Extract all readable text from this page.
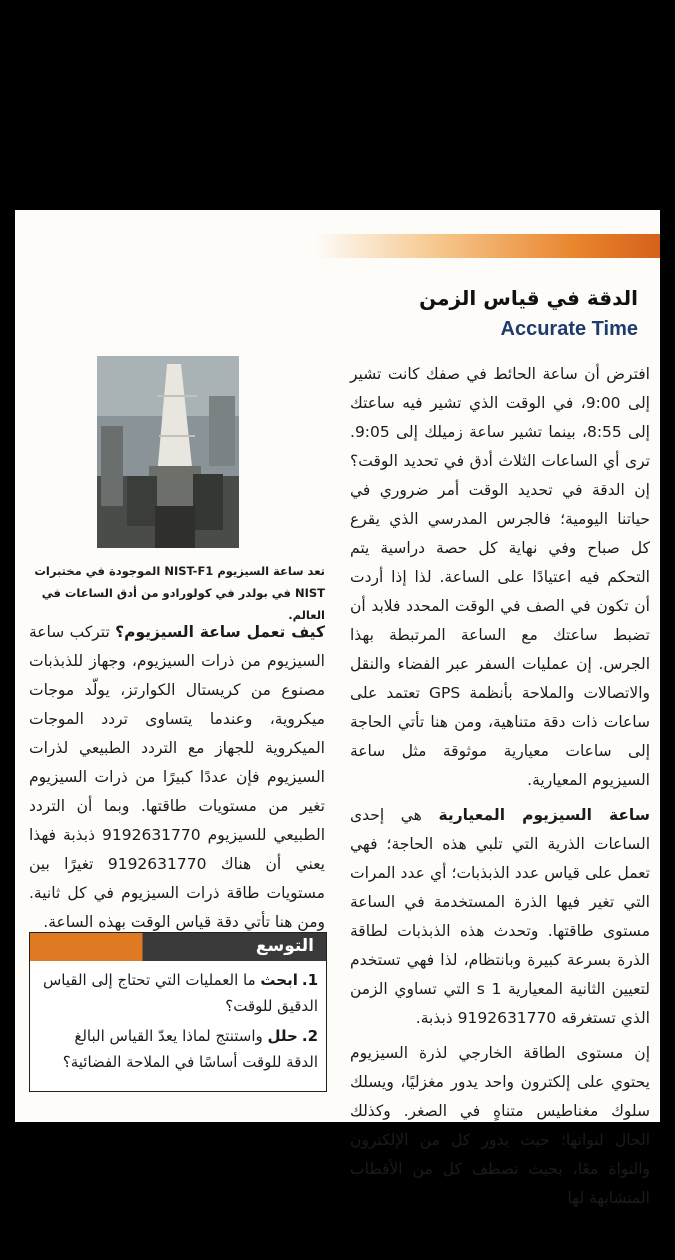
الدقة في قياس الزمن
Accurate Time

افترض أن ساعة الحائط في صفك كانت تشير إلى 9:00، في الوقت الذي تشير فيه ساعتك إلى 8:55، بينما تشير ساعة زميلك إلى 9:05. ترى أي الساعات الثلاث أدق في تحديد الوقت؟ إن الدقة في تحديد الوقت أمر ضروري في حياتنا اليومية؛ فالجرس المدرسي الذي يقرع كل صباح وفي نهاية كل حصة دراسية يتم التحكم فيه اعتيادًا على الساعة. لذا إذا أردت أن تكون في الصف في الوقت المحدد فلابد أن تضبط ساعتك مع الساعة المرتبطة بهذا الجرس. إن عمليات السفر عبر الفضاء والنقل والاتصالات والملاحة بأنظمة GPS تعتمد على ساعات ذات دقة متناهية، ومن هنا تأتي الحاجة إلى ساعات معيارية موثوقة مثل ساعة السيزيوم المعيارية.

ساعة السيزيوم المعيارية هي إحدى الساعات الذرية التي تلبي هذه الحاجة؛ فهي تعمل على قياس عدد الذبذبات؛ أي عدد المرات التي تغير فيها الذرة المستخدمة في الساعة مستوى طاقتها. وتحدث هذه الذبذبات لطاقة الذرة بسرعة كبيرة وبانتظام، لذا فهي تستخدم لتعيين الثانية المعيارية 1 s التي تساوي الزمن الذي تستغرقه 9192631770 ذبذبة.

إن مستوى الطاقة الخارجي لذرة السيزيوم يحتوي على إلكترون واحد يدور مغزليًا، ويسلك سلوك مغناطيس متناهٍ في الصغر. وكذلك الحال لنواتها؛ حيث يدور كل من الإلكترون والنواة معًا، بحيث تصطف كل من الأقطاب المتشابهة لها

مرة، والأقطاب المختلفة مرة أخرى. فإذا اصطفت الأقطاب المتشابهة تكون ذرة السيزيوم في مستوى طاقة واحد، بينما إذا اصطفت الأقطاب المختلفة تكون الذرة في مستوى طاقة آخر.
تعد ساعة السيزيوم NIST-F1 الموجودة في مختبرات NIST في بولدر في كولورادو من أدق الساعات في العالم.

كيف تعمل ساعة السيزيوم؟ تتركب ساعة السيزيوم من ذرات السيزيوم، وجهاز للذبذبات مصنوع من كريستال الكوارتز، يولّد موجات ميكروية، وعندما يتساوى تردد الموجات الميكروية للجهاز مع التردد الطبيعي لذرات السيزيوم فإن عددًا كبيرًا من ذرات السيزيوم تغير من مستويات طاقتها. وبما أن التردد الطبيعي للسيزيوم 9192631770 ذبذبة فهذا يعني أن هناك 9192631770 تغيرًا بين مستويات طاقة ذرات السيزيوم في كل ثانية. ومن هنا تأتي دقة قياس الوقت بهذه الساعة.

التوسع
1.ابحث ما العمليات التي تحتاج إلى القياس الدقيق للوقت؟
2.حلل واستنتج لماذا يعدّ القياس البالغ الدقة للوقت أساسًا في الملاحة الفضائية؟
